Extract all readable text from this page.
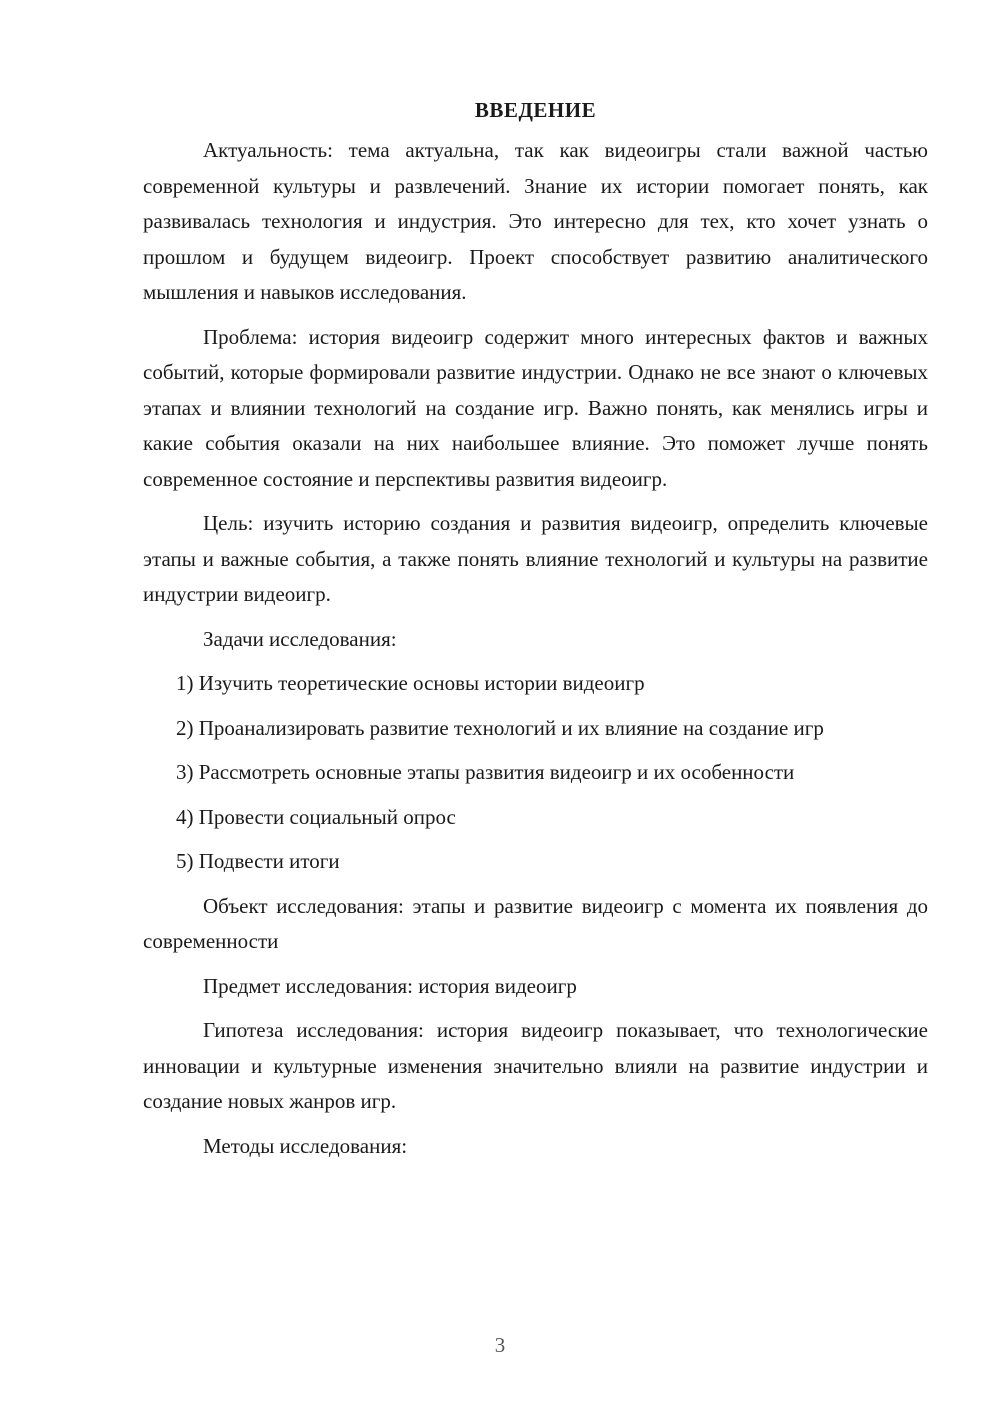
ВВЕДЕНИЕ

Актуальность: тема актуальна, так как видеоигры стали важной частью современной культуры и развлечений. Знание их истории помогает понять, как развивалась технология и индустрия. Это интересно для тех, кто хочет узнать о прошлом и будущем видеоигр. Проект способствует развитию аналитического мышления и навыков исследования.

Проблема: история видеоигр содержит много интересных фактов и важных событий, которые формировали развитие индустрии. Однако не все знают о ключевых этапах и влиянии технологий на создание игр. Важно понять, как менялись игры и какие события оказали на них наибольшее влияние. Это поможет лучше понять современное состояние и перспективы развития видеоигр.

Цель: изучить историю создания и развития видеоигр, определить ключевые этапы и важные события, а также понять влияние технологий и культуры на развитие индустрии видеоигр.

Задачи исследования:

1) Изучить теоретические основы истории видеоигр

2) Проанализировать развитие технологий и их влияние на создание игр

3) Рассмотреть основные этапы развития видеоигр и их особенности

4) Провести социальный опрос

5) Подвести итоги

Объект исследования: этапы и развитие видеоигр с момента их появления до современности

Предмет исследования: история видеоигр

Гипотеза исследования: история видеоигр показывает, что технологические инновации и культурные изменения значительно влияли на развитие индустрии и создание новых жанров игр.

Методы исследования:

3
